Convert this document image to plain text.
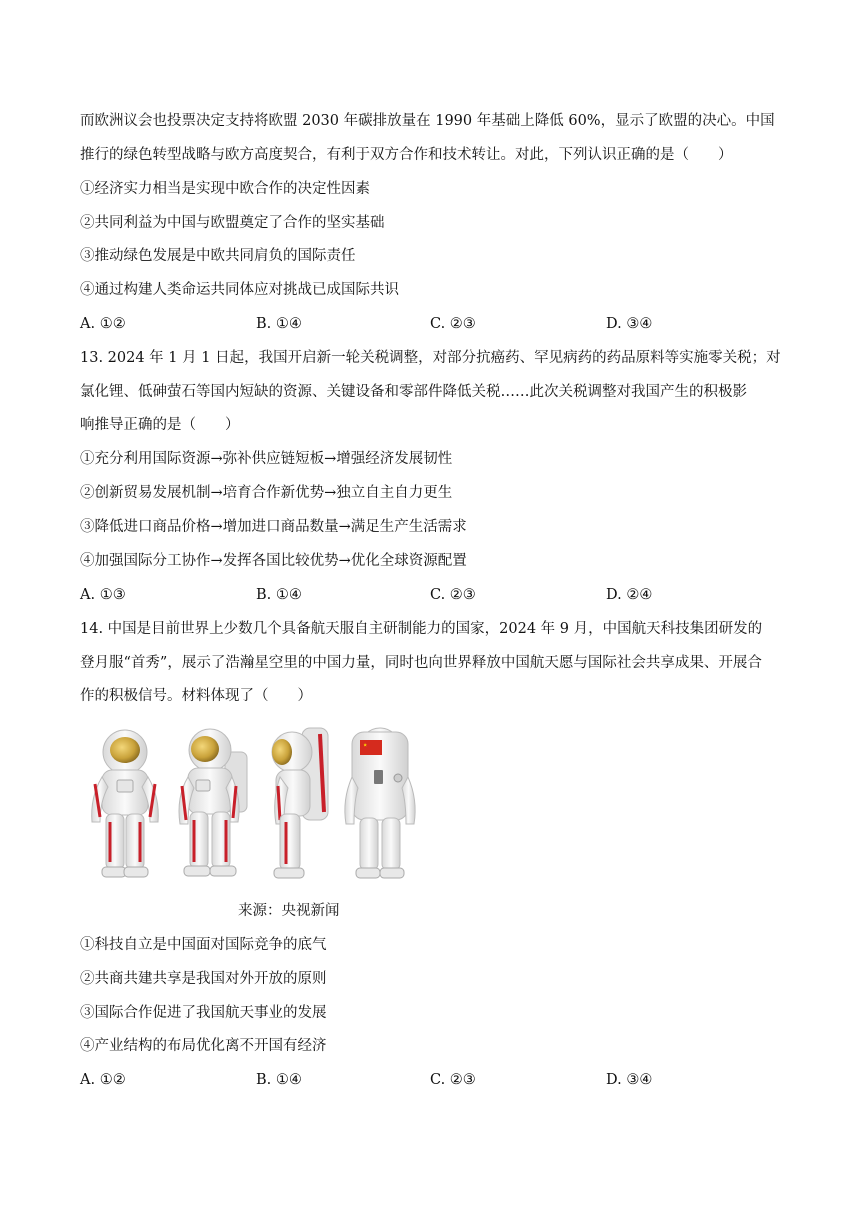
而欧洲议会也投票决定支持将欧盟 2030 年碳排放量在 1990 年基础上降低 60%，显示了欧盟的决心。中国
推行的绿色转型战略与欧方高度契合，有利于双方合作和技术转让。对此，下列认识正确的是（　　）
①经济实力相当是实现中欧合作的决定性因素
②共同利益为中国与欧盟奠定了合作的坚实基础
③推动绿色发展是中欧共同肩负的国际责任
④通过构建人类命运共同体应对挑战已成国际共识
A. ①②	B. ①④	C. ②③	D. ③④
13. 2024 年 1 月 1 日起，我国开启新一轮关税调整，对部分抗癌药、罕见病药的药品原料等实施零关税；对
氯化锂、低砷萤石等国内短缺的资源、关键设备和零部件降低关税……此次关税调整对我国产生的积极影
响推导正确的是（　　）
①充分利用国际资源→弥补供应链短板→增强经济发展韧性
②创新贸易发展机制→培育合作新优势→独立自主自力更生
③降低进口商品价格→增加进口商品数量→满足生产生活需求
④加强国际分工协作→发挥各国比较优势→优化全球资源配置
A. ①③	B. ①④	C. ②③	D. ②④
14. 中国是目前世界上少数几个具备航天服自主研制能力的国家，2024 年 9 月，中国航天科技集团研发的
登月服“首秀”，展示了浩瀚星空里的中国力量，同时也向世界释放中国航天愿与国际社会共享成果、开展合
作的积极信号。材料体现了（　　）
来源：央视新闻
①科技自立是中国面对国际竞争的底气
②共商共建共享是我国对外开放的原则
③国际合作促进了我国航天事业的发展
④产业结构的布局优化离不开国有经济
A. ①②	B. ①④	C. ②③	D. ③④
